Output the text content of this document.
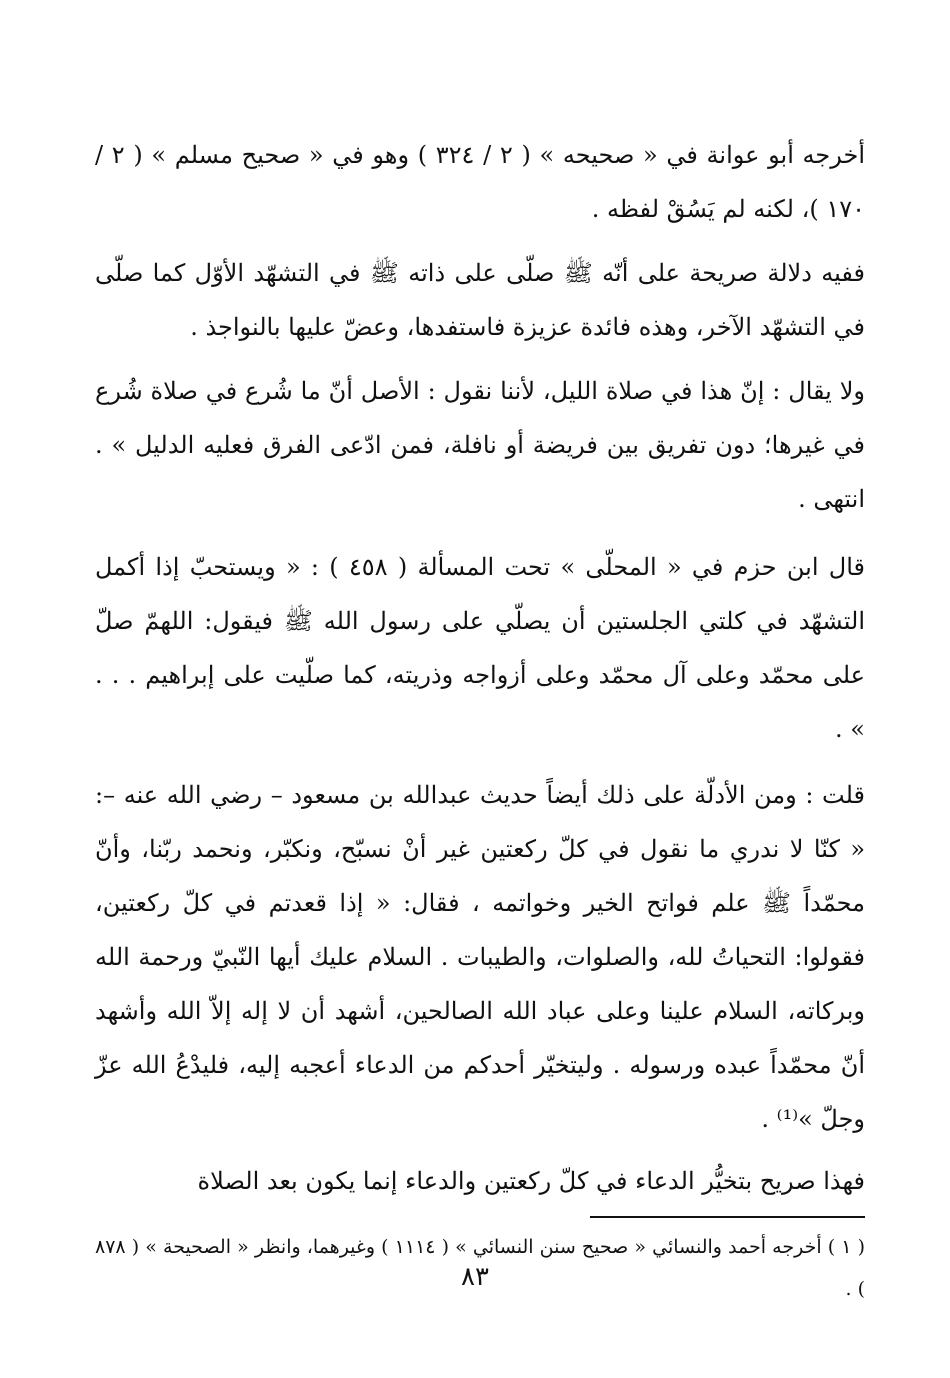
أخرجه أبو عوانة في « صحيحه » ( ٢ / ٣٢٤ ) وهو في « صحيح مسلم » ( ٢ / ١٧٠ )، لكنه لم يَسُقْ لفظه .

ففيه دلالة صريحة على أنّه ﷺ صلّى على ذاته ﷺ في التشهّد الأوّل كما صلّى في التشهّد الآخر، وهذه فائدة عزيزة فاستفدها، وعضّ عليها بالنواجذ .

ولا يقال : إنّ هذا في صلاة الليل، لأننا نقول : الأصل أنّ ما شُرع في صلاة شُرع في غيرها؛ دون تفريق بين فريضة أو نافلة، فمن ادّعى الفرق فعليه الدليل » . انتهى .

قال ابن حزم في « المحلّى » تحت المسألة ( ٤٥٨ ) : « ويستحبّ إذا أكمل التشهّد في كلتي الجلستين أن يصلّي على رسول الله ﷺ فيقول: اللهمّ صلّ على محمّد وعلى آل محمّد وعلى أزواجه وذريته، كما صلّيت على إبراهيم . . . » .

قلت : ومن الأدلّة على ذلك أيضاً حديث عبدالله بن مسعود – رضي الله عنه –: « كنّا لا ندري ما نقول في كلّ ركعتين غير أنْ نسبّح، ونكبّر، ونحمد ربّنا، وأنّ محمّداً ﷺ علم فواتح الخير وخواتمه ، فقال: « إذا قعدتم في كلّ ركعتين، فقولوا: التحياتُ لله، والصلوات، والطيبات . السلام عليك أيها النّبيّ ورحمة الله وبركاته، السلام علينا وعلى عباد الله الصالحين، أشهد أن لا إله إلاّ الله وأشهد أنّ محمّداً عبده ورسوله . وليتخيّر أحدكم من الدعاء أعجبه إليه، فليدْعُ الله عزّ وجلّ »⁽¹⁾ .

فهذا صريح بتخيُّر الدعاء في كلّ ركعتين والدعاء إنما يكون بعد الصلاة

( ١ ) أخرجه أحمد والنسائي « صحيح سنن النسائي » ( ١١١٤ ) وغيرهما، وانظر « الصحيحة » ( ٨٧٨ ) .

٨٣
